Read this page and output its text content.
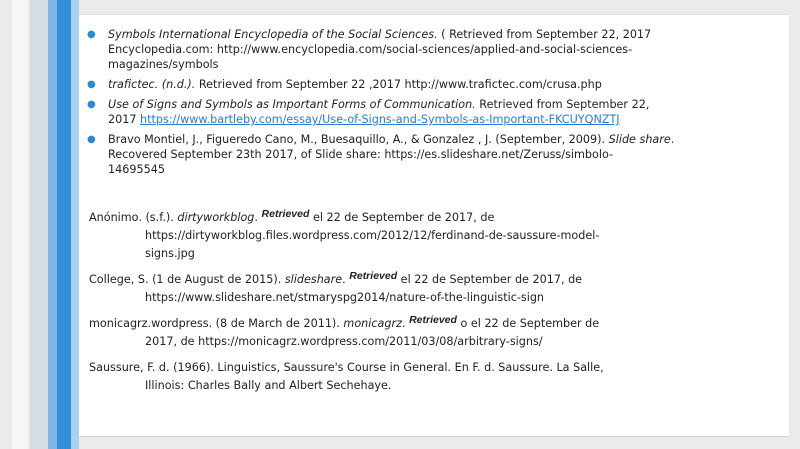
● Symbols International Encyclopedia of the Social Sciences. ( Retrieved from September 22, 2017
Encyclopedia.com: http://www.encyclopedia.com/social-sciences/applied-and-social-sciences-
magazines/symbols
● trafictec. (n.d.). Retrieved from September 22 ,2017 http://www.trafictec.com/crusa.php
● Use of Signs and Symbols as Important Forms of Communication. Retrieved from September 22,
2017 https://www.bartleby.com/essay/Use-of-Signs-and-Symbols-as-Important-FKCUYQNZTJ
● Bravo Montiel, J., Figueredo Cano, M., Buesaquillo, A., & Gonzalez , J. (September, 2009). Slide share. Recovered September 23th 2017, of Slide share: https://es.slideshare.net/Zeruss/simbolo-
14695545
Anónimo. (s.f.). dirtyworkblog. Retrieved el 22 de September de 2017, de
https://dirtyworkblog.files.wordpress.com/2012/12/ferdinand-de-saussure-model-
signs.jpg
College, S. (1 de August de 2015). slideshare. Retrieved el 22 de September de 2017, de
https://www.slideshare.net/stmaryspg2014/nature-of-the-linguistic-sign
monicagrz.wordpress. (8 de March de 2011). monicagrz. Retrieved o el 22 de September de
2017, de https://monicagrz.wordpress.com/2011/03/08/arbitrary-signs/
Saussure, F. d. (1966). Linguistics, Saussure's Course in General. En F. d. Saussure. La Salle,
Illinois: Charles Bally and Albert Sechehaye.
